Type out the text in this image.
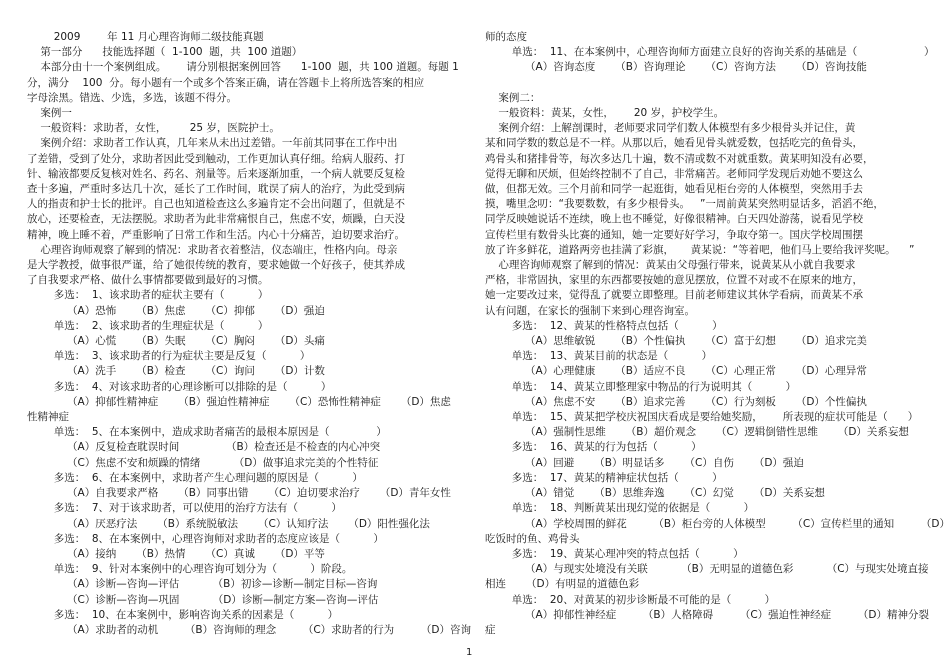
2009        年 11 月心理咨询师二级技能真题

第一部分      技能选择题（  1-100  题，共  100 道题）

本部分由十一个案例组成。      请分别根据案例回答      1-100  题，共 100 道题。每题 1

分，满分    100  分。每小题有一个或多个答案正确，请在答题卡上将所选答案的相应

字母涂黑。错选、少选，多选，该题不得分。

案例一

一般资料：求助者，女性，       25 岁，医院护士。

案例介绍：求助者工作认真，几年来从未出过差错。一年前其同事在工作中出

了差错，受到了处分，求助者因此受到触动，工作更加认真仔细。给病人服药、打

针、输液都要反复核对姓名、药名、剂量等。后来逐渐加重，一个病人就要反复检

查十多遍，严重时多达几十次，延长了工作时间，耽误了病人的治疗，为此受到病

人的指责和护士长的批评。自己也知道检查这么多遍肯定不会出问题了，但就是不

放心，还要检查，无法摆脱。求助者为此非常痛恨自己，焦虑不安，烦躁，白天没

精神，晚上睡不着，严重影响了日常工作和生活。内心十分痛苦，迫切要求治疗。

心理咨询师观察了解到的情况：求助者衣着整洁，仪态端庄，性格内向。母亲

是大学教授，做事很严谨，给了她很传统的教育，要求她做一个好孩子，使其养成

了自我要求严格、做什么事情都要做到最好的习惯。

多选：  1、该求助者的症状主要有（          ）

（A）恐怖      （B）焦虑      （C）抑郁      （D）强迫

单选：  2、该求助者的生理症状是（          ）

（A）心慌      （B）失眠      （C）胸闷      （D）头痛

单选：  3、该求助者的行为症状主要是反复（          ）

（A）洗手      （B）检查      （C）询问      （D）计数

多选：  4、对该求助者的心理诊断可以排除的是（          ）

（A）抑郁性精神症      （B）强迫性精神症      （C）恐怖性精神症      （D）焦虑

性精神症

单选：  5、在本案例中，造成求助者痛苦的最根本原因是（              ）

（A）反复检查耽误时间              （B）检查还是不检查的内心冲突

（C）焦虑不安和烦躁的情绪          （D）做事追求完美的个性特征

多选：  6、在本案例中，求助者产生心理问题的原因是（          ）

（A）自我要求严格      （B）同事出错      （C）迫切要求治疗      （D）青年女性

多选：  7、对于该求助者，可以使用的治疗方法有（          ）

（A）厌恶疗法      （B）系统脱敏法      （C）认知疗法      （D）阳性强化法

多选：  8、在本案例中，心理咨询师对求助者的态度应该是（          ）

（A）接纳      （B）热情      （C）真诚      （D）平等

单选：  9、针对本案例中的心理咨询可划分为（          ）阶段。

（A）诊断—咨询—评估          （B）初诊—诊断—制定目标—咨询

（C）诊断—咨询—巩固          （D）诊断—制定方案—咨询—评估

多选：  10、在本案例中，影响咨询关系的因素是（          ）

（A）求助者的动机        （B）咨询师的理念        （C）求助者的行为        （D）咨询

师的态度

单选：  11、在本案例中，心理咨询师方面建立良好的咨询关系的基础是（                    ）

（A）咨询态度      （B）咨询理论      （C）咨询方法      （D）咨询技能

案例二：

一般资料：黄某，女性，      20 岁，护校学生。

案例介绍：上解剖课时，老师要求同学们数人体模型有多少根骨头并记住，黄

某和同学数的数总是不一样。从那以后，她看见骨头就爱数，包括吃完的鱼骨头，

鸡骨头和猪排骨等，每次多达几十遍，数不清或数不对就重数。黄某明知没有必要，

觉得无聊和厌烦，但始终控制不了自己，非常痛苦。老师同学发现后劝她不要这么

做，但都无效。三个月前和同学一起逛街，她看见柜台旁的人体模型，突然用手去

摸，嘴里念叨：“我要数数，有多少根骨头。   ”一周前黄某突然明显话多，滔滔不绝，

同学反映她说话不连续，晚上也不睡觉，好像很精神。白天四处游荡，说看见学校

宣传栏里有数骨头比赛的通知，她一定要好好学习，争取夺第一。国庆学校周围摆

放了许多鲜花，道路两旁也挂满了彩旗，     黄某说：“等着吧，他们马上要给我评奖呢。    ”

心理咨询师观察了解到的情况：黄某由父母强行带来，说黄某从小就自我要求

严格，非常固执，家里的东西都要按她的意见摆放，位置不对或不在原来的地方，

她一定要改过来，觉得乱了就要立即整理。目前老师建议其休学看病，而黄某不承

认有问题，在家长的强制下来到心理咨询室。

多选：  12、黄某的性格特点包括（          ）

（A）思维敏锐      （B）个性偏执      （C）富于幻想      （D）追求完美

单选：  13、黄某目前的状态是（          ）

（A）心理健康      （B）适应不良      （C）心理正常      （D）心理异常

单选：  14、黄某立即整理家中物品的行为说明其（          ）

（A）焦虑不安      （B）追求完善      （C）行为刻板      （D）个性偏执

单选：  15、黄某把学校庆祝国庆看成是要给她奖励，      所表现的症状可能是（      ）

（A）强制性思维      （B）超价观念      （C）逻辑倒错性思维      （D）关系妄想

多选：  16、黄某的行为包括（          ）

（A）回避      （B）明显话多      （C）自伤      （D）强迫

多选：  17、黄某的精神症状包括（          ）

（A）错觉      （B）思维奔逸      （C）幻觉      （D）关系妄想

单选：  18、判断黄某出现幻觉的依据是（          ）

（A）学校周围的鲜花        （B）柜台旁的人体模型        （C）宣传栏里的通知        （D）

吃饭时的鱼、鸡骨头

多选：  19、黄某心理冲突的特点包括（          ）

（A）与现实处境没有关联          （B）无明显的道德色彩          （C）与现实处境直接

相连      （D）有明显的道德色彩

单选：  20、对黄某的初步诊断最不可能的是（          ）

（A）抑郁性神经症        （B）人格障碍        （C）强迫性神经症        （D）精神分裂

症

1
